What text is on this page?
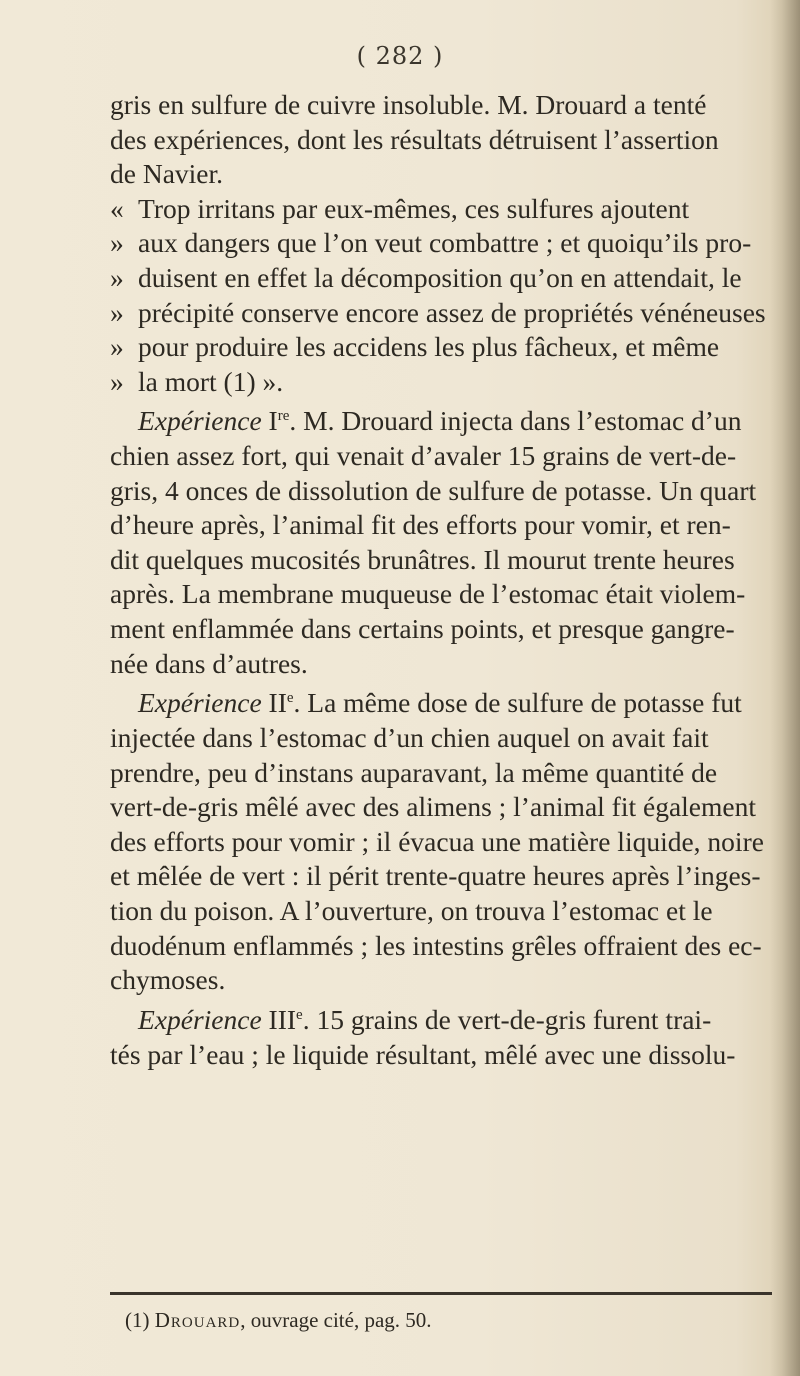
( 282 )

gris en sulfure de cuivre insoluble. M. Drouard a tenté
des expériences, dont les résultats détruisent l’assertion
de Navier.

« Trop irritans par eux-mêmes, ces sulfures ajoutent
» aux dangers que l’on veut combattre ; et quoiqu’ils pro-
» duisent en effet la décomposition qu’on en attendait, le
» précipité conserve encore assez de propriétés vénéneuses
» pour produire les accidens les plus fâcheux, et même
» la mort (1) ».

Expérience Ire. M. Drouard injecta dans l’estomac d’un
chien assez fort, qui venait d’avaler 15 grains de vert-de-
gris, 4 onces de dissolution de sulfure de potasse. Un quart
d’heure après, l’animal fit des efforts pour vomir, et ren-
dit quelques mucosités brunâtres. Il mourut trente heures
après. La membrane muqueuse de l’estomac était violem-
ment enflammée dans certains points, et presque gangre-
née dans d’autres.

Expérience IIe. La même dose de sulfure de potasse fut
injectée dans l’estomac d’un chien auquel on avait fait
prendre, peu d’instans auparavant, la même quantité de
vert-de-gris mêlé avec des alimens ; l’animal fit également
des efforts pour vomir ; il évacua une matière liquide, noire
et mêlée de vert : il périt trente-quatre heures après l’inges-
tion du poison. A l’ouverture, on trouva l’estomac et le
duodénum enflammés ; les intestins grêles offraient des ec-
chymoses.

Expérience IIIe. 15 grains de vert-de-gris furent trai-
tés par l’eau ; le liquide résultant, mêlé avec une dissolu-

(1) Drouard, ouvrage cité, pag. 50.
